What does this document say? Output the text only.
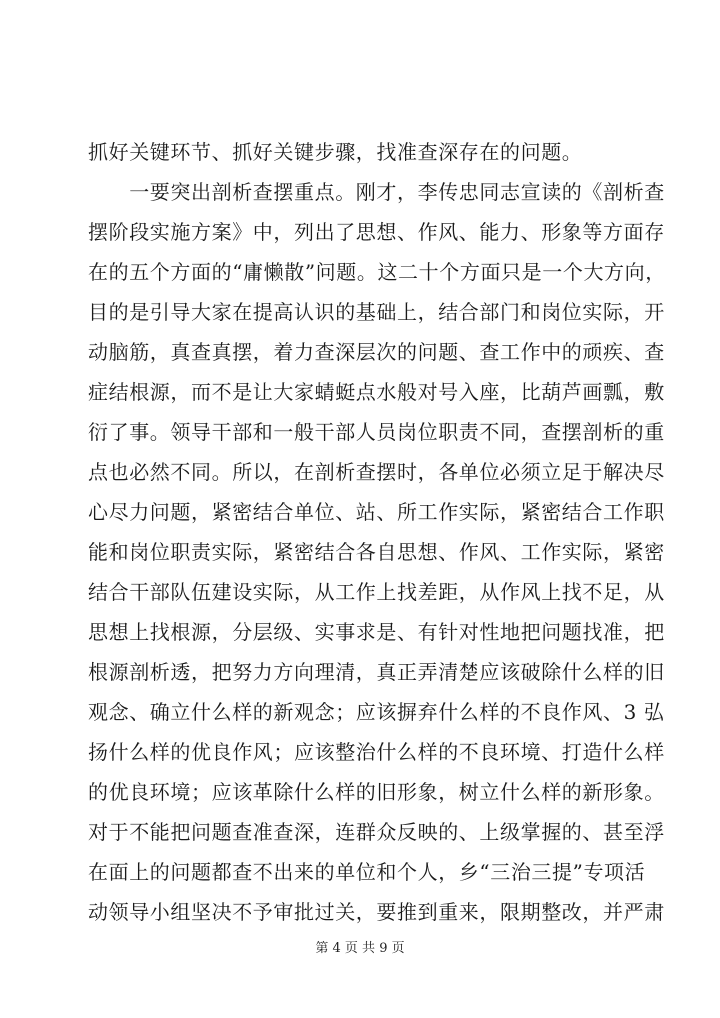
抓好关键环节、抓好关键步骤，找准查深存在的问题。
　　一要突出剖析查摆重点。刚才，李传忠同志宣读的《剖析查
摆阶段实施方案》中，列出了思想、作风、能力、形象等方面存
在的五个方面的“庸懒散”问题。这二十个方面只是一个大方向，
目的是引导大家在提高认识的基础上，结合部门和岗位实际，开
动脑筋，真查真摆，着力查深层次的问题、查工作中的顽疾、查
症结根源，而不是让大家蜻蜓点水般对号入座，比葫芦画瓢，敷
衍了事。领导干部和一般干部人员岗位职责不同，查摆剖析的重
点也必然不同。所以，在剖析查摆时，各单位必须立足于解决尽
心尽力问题，紧密结合单位、站、所工作实际，紧密结合工作职
能和岗位职责实际，紧密结合各自思想、作风、工作实际，紧密
结合干部队伍建设实际，从工作上找差距，从作风上找不足，从
思想上找根源，分层级、实事求是、有针对性地把问题找准，把
根源剖析透，把努力方向理清，真正弄清楚应该破除什么样的旧
观念、确立什么样的新观念；应该摒弃什么样的不良作风、3 弘
扬什么样的优良作风；应该整治什么样的不良环境、打造什么样
的优良环境；应该革除什么样的旧形象，树立什么样的新形象。
对于不能把问题查准查深，连群众反映的、上级掌握的、甚至浮
在面上的问题都查不出来的单位和个人，乡“三治三提”专项活
动领导小组坚决不予审批过关，要推到重来，限期整改，并严肃
第 4 页 共 9 页
